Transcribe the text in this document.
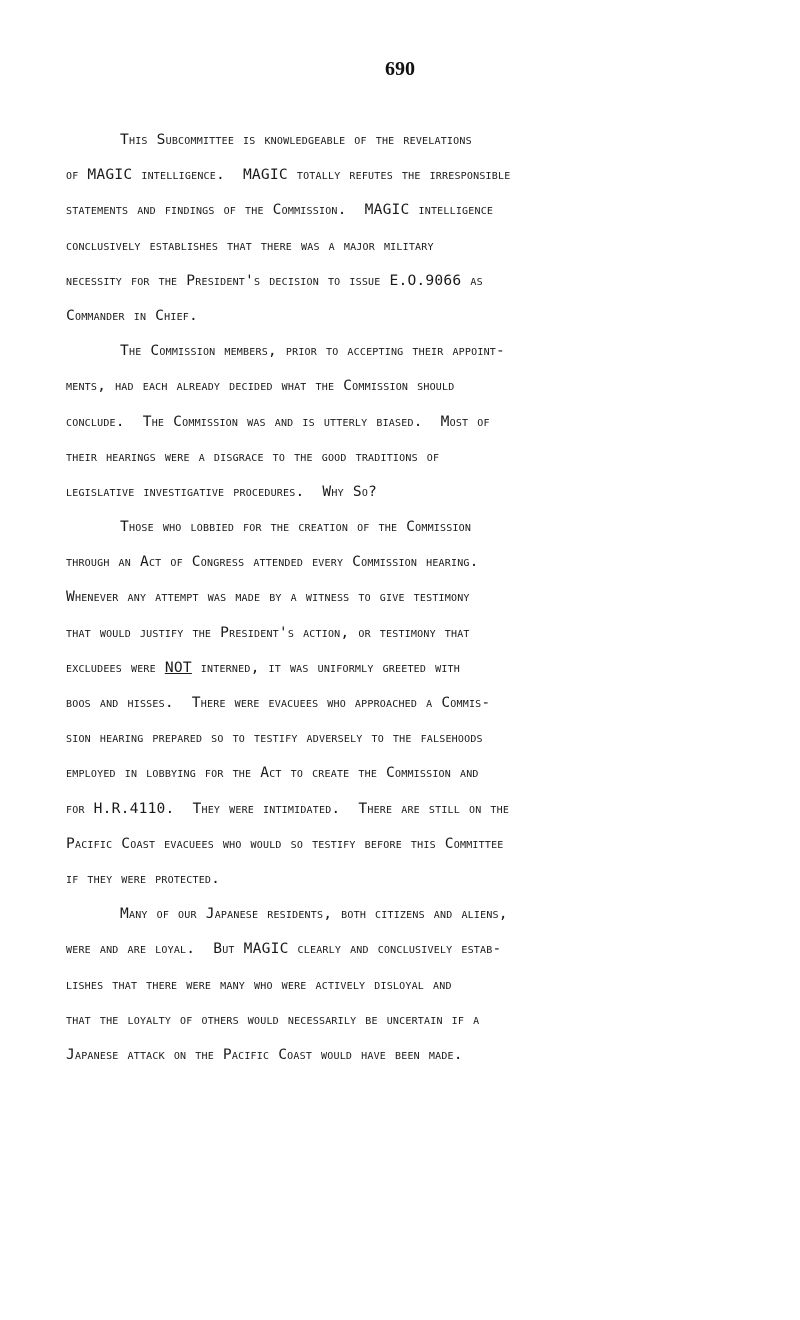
690
This Subcommittee is knowledgeable of the revelations
of MAGIC intelligence.  MAGIC totally refutes the irresponsible
statements and findings of the Commission.  MAGIC intelligence
conclusively establishes that there was a major military
necessity for the President's decision to issue E.O.9066 as
Commander in Chief.
The Commission members, prior to accepting their appoint-
ments, had each already decided what the Commission should
conclude.  The Commission was and is utterly biased.  Most of
their hearings were a disgrace to the good traditions of
legislative investigative procedures.  Why So?
Those who lobbied for the creation of the Commission
through an Act of Congress attended every Commission hearing.
Whenever any attempt was made by a witness to give testimony
that would justify the President's action, or testimony that
excludees were NOT interned, it was uniformly greeted with
boos and hisses.  There were evacuees who approached a Commis-
sion hearing prepared so to testify adversely to the falsehoods
employed in lobbying for the Act to create the Commission and
for H.R.4110.  They were intimidated.  There are still on the
Pacific Coast evacuees who would so testify before this Committee
if they were protected.
Many of our Japanese residents, both citizens and aliens,
were and are loyal.  But MAGIC clearly and conclusively estab-
lishes that there were many who were actively disloyal and
that the loyalty of others would necessarily be uncertain if a
Japanese attack on the Pacific Coast would have been made.
